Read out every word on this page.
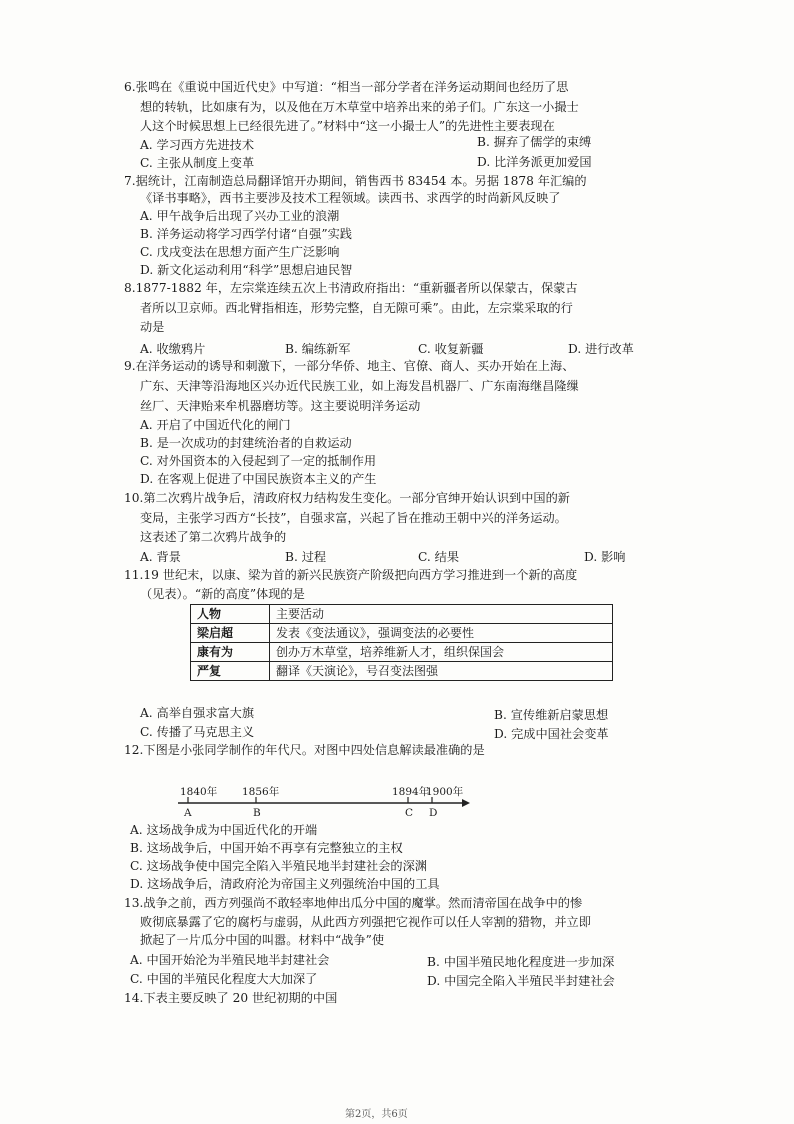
6.张鸣在《重说中国近代史》中写道：“相当一部分学者在洋务运动期间也经历了思
想的转轨，比如康有为，以及他在万木草堂中培养出来的弟子们。广东这一小撮士
人这个时候思想上已经很先进了。”材料中“这一小撮士人”的先进性主要表现在
A. 学习西方先进技术	B. 摒弃了儒学的束缚
C. 主张从制度上变革	D. 比洋务派更加爱国
7.据统计，江南制造总局翻译馆开办期间，销售西书 83454 本。另据 1878 年汇编的
《译书事略》，西书主要涉及技术工程领域。读西书、求西学的时尚新风反映了
A. 甲午战争后出现了兴办工业的浪潮
B. 洋务运动将学习西学付诸“自强”实践
C. 戊戌变法在思想方面产生广泛影响
D. 新文化运动利用“科学”思想启迪民智
8.1877-1882 年，左宗棠连续五次上书清政府指出：“重新疆者所以保蒙古，保蒙古
者所以卫京师。西北臂指相连，形势完整，自无隙可乘”。由此，左宗棠采取的行
动是
A. 收缴鸦片	B. 编练新军	C. 收复新疆	D. 进行改革
9.在洋务运动的诱导和刺激下，一部分华侨、地主、官僚、商人、买办开始在上海、
广东、天津等沿海地区兴办近代民族工业，如上海发昌机器厂、广东南海继昌隆缫
丝厂、天津贻来牟机器磨坊等。这主要说明洋务运动
A. 开启了中国近代化的闸门
B. 是一次成功的封建统治者的自救运动
C. 对外国资本的入侵起到了一定的抵制作用
D. 在客观上促进了中国民族资本主义的产生
10.第二次鸦片战争后，清政府权力结构发生变化。一部分官绅开始认识到中国的新
变局，主张学习西方“长技”，自强求富，兴起了旨在推动王朝中兴的洋务运动。
这表述了第二次鸦片战争的
A. 背景	B. 过程	C. 结果	D. 影响
11.19 世纪末，以康、梁为首的新兴民族资产阶级把向西方学习推进到一个新的高度
（见表）。“新的高度”体现的是
人物	主要活动
梁启超	发表《变法通议》，强调变法的必要性
康有为	创办万木草堂，培养维新人才，组织保国会
严复	翻译《天演论》，号召变法图强
A. 高举自强求富大旗	B. 宣传维新启蒙思想
C. 传播了马克思主义	D. 完成中国社会变革
12.下图是小张同学制作的年代尺。对图中四处信息解读最准确的是
1840年 1856年	1894年
1900年
A	B	C D
A. 这场战争成为中国近代化的开端
B. 这场战争后，中国开始不再享有完整独立的主权
C. 这场战争使中国完全陷入半殖民地半封建社会的深渊
D. 这场战争后，清政府沦为帝国主义列强统治中国的工具
13.战争之前，西方列强尚不敢轻率地伸出瓜分中国的魔掌。然而清帝国在战争中的惨
败彻底暴露了它的腐朽与虚弱，从此西方列强把它视作可以任人宰割的猎物，并立即
掀起了一片瓜分中国的叫嚣。材料中“战争”使
A. 中国开始沦为半殖民地半封建社会	B. 中国半殖民地化程度进一步加深
C. 中国的半殖民化程度大大加深了	D. 中国完全陷入半殖民半封建社会
14.下表主要反映了 20 世纪初期的中国
第2页，共6页
